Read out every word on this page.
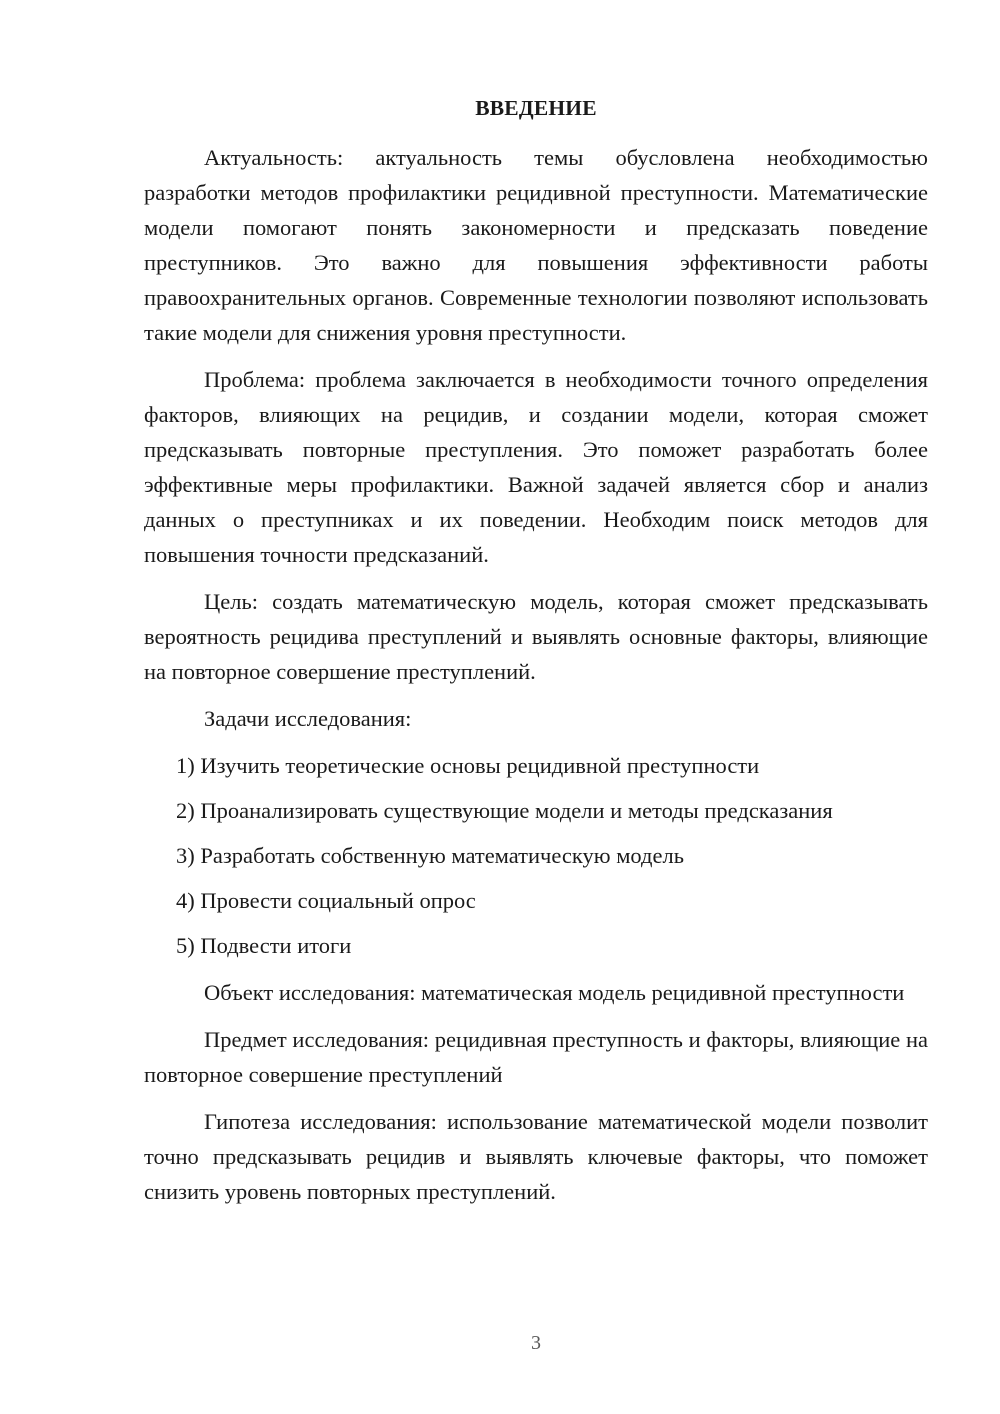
ВВЕДЕНИЕ

Актуальность: актуальность темы обусловлена необходимостью разработки методов профилактики рецидивной преступности. Математические модели помогают понять закономерности и предсказать поведение преступников. Это важно для повышения эффективности работы правоохранительных органов. Современные технологии позволяют использовать такие модели для снижения уровня преступности.

Проблема: проблема заключается в необходимости точного определения факторов, влияющих на рецидив, и создании модели, которая сможет предсказывать повторные преступления. Это поможет разработать более эффективные меры профилактики. Важной задачей является сбор и анализ данных о преступниках и их поведении. Необходим поиск методов для повышения точности предсказаний.

Цель: создать математическую модель, которая сможет предсказывать вероятность рецидива преступлений и выявлять основные факторы, влияющие на повторное совершение преступлений.

Задачи исследования:

1) Изучить теоретические основы рецидивной преступности
2) Проанализировать существующие модели и методы предсказания
3) Разработать собственную математическую модель
4) Провести социальный опрос
5) Подвести итоги

Объект исследования: математическая модель рецидивной преступности

Предмет исследования: рецидивная преступность и факторы, влияющие на повторное совершение преступлений

Гипотеза исследования: использование математической модели позволит точно предсказывать рецидив и выявлять ключевые факторы, что поможет снизить уровень повторных преступлений.

3
